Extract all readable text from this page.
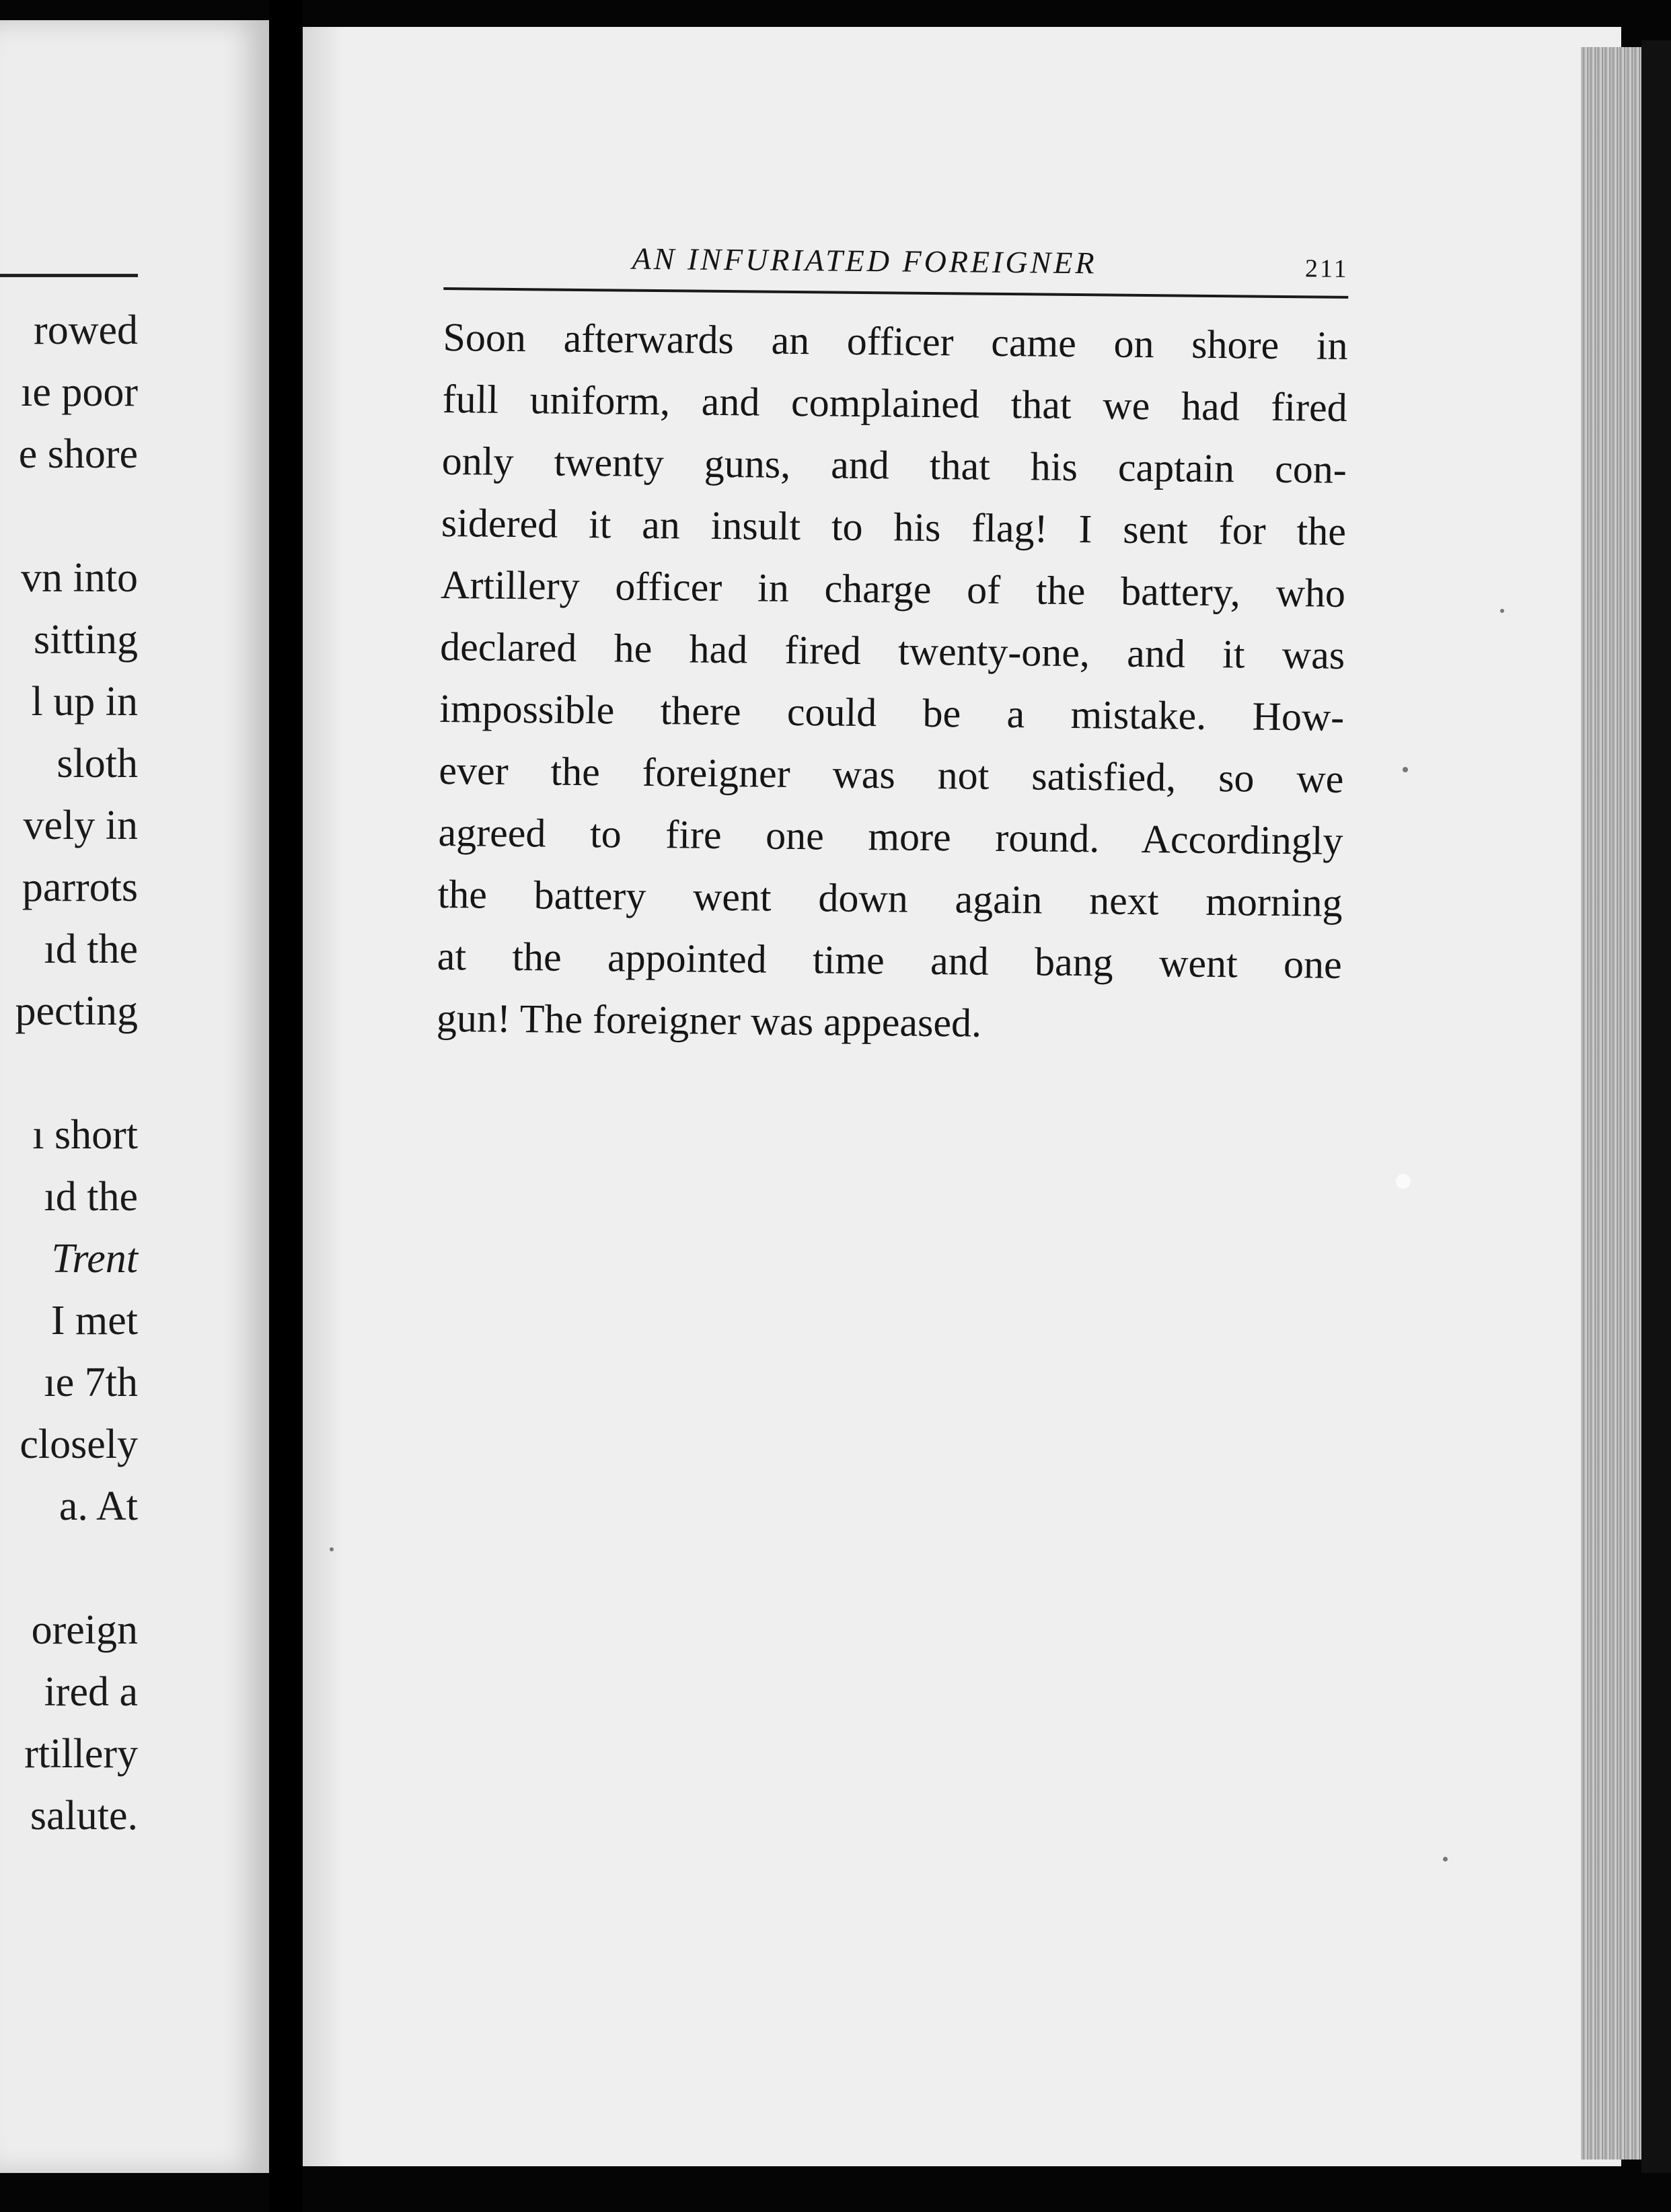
rowed
ıe poor
e shore
vn into
sitting
l up in
sloth
vely in
parrots
ıd the
pecting
ı short
ıd the
Trent
I met
ıe 7th
closely
a. At
oreign
ired a
rtillery
salute.
AN INFURIATED FOREIGNER	211
Soon afterwards an officer came on shore in
full uniform, and complained that we had fired
only twenty guns, and that his captain con-
sidered it an insult to his flag! I sent for the
Artillery officer in charge of the battery, who
declared he had fired twenty-one, and it was
impossible there could be a mistake. How-
ever the foreigner was not satisfied, so we
agreed to fire one more round. Accordingly
the battery went down again next morning
at the appointed time and bang went one
gun! The foreigner was appeased.
